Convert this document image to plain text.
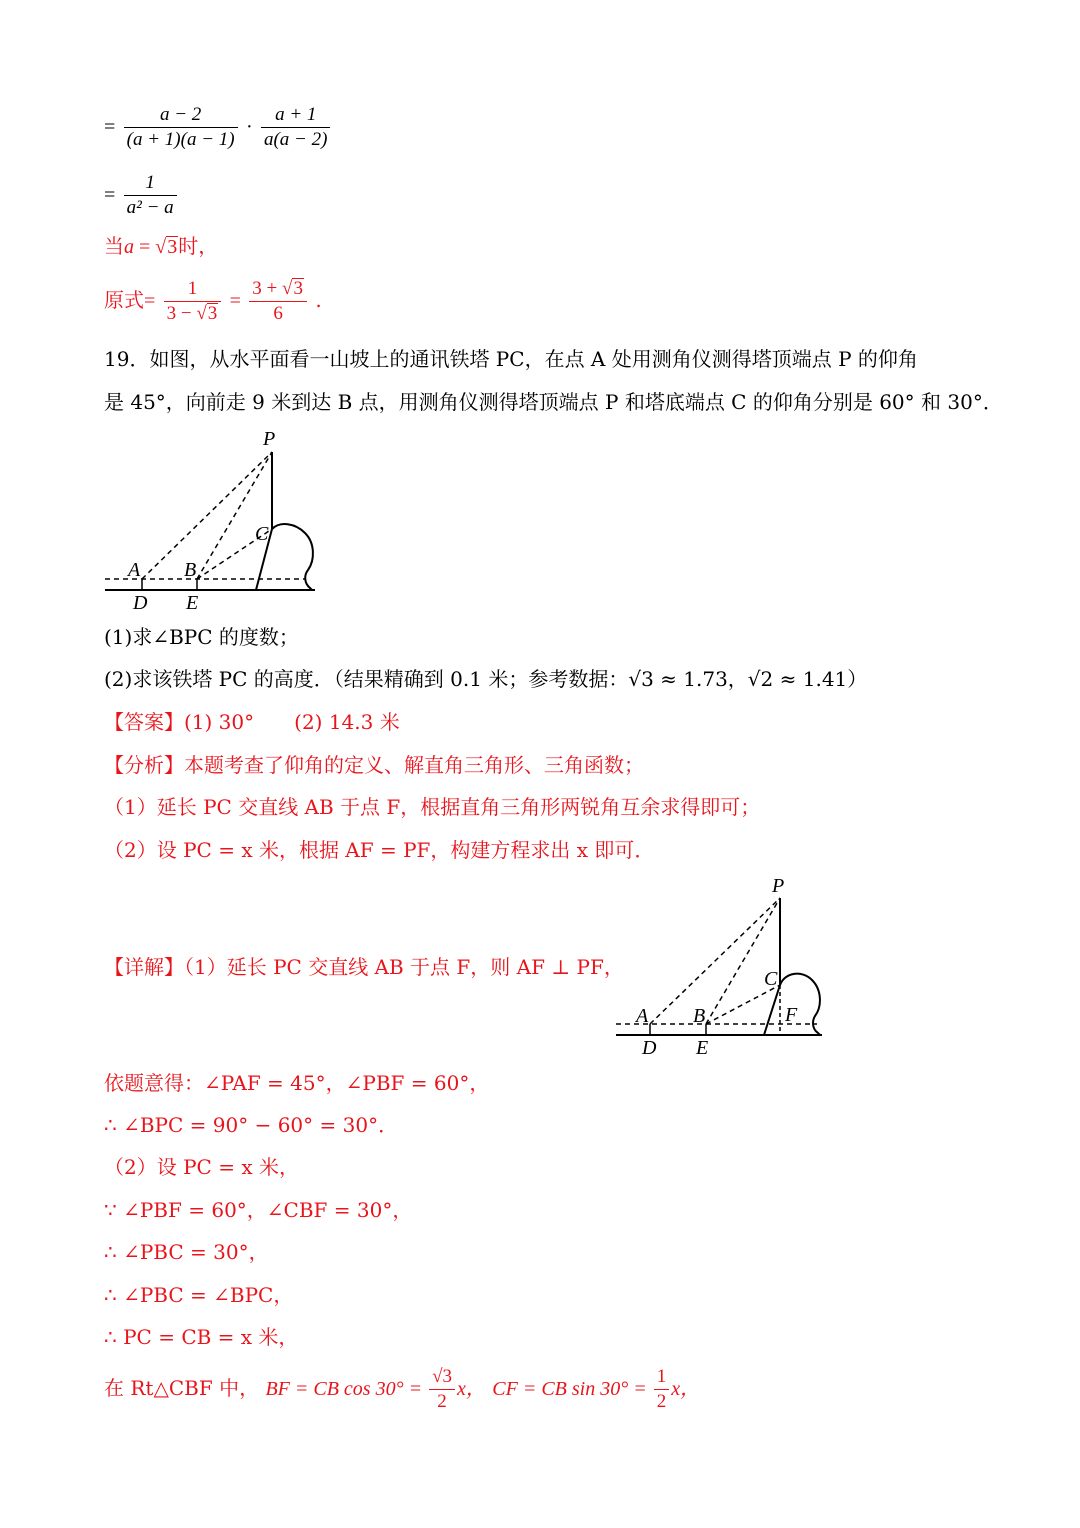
= $\frac{a - 2}{(a + 1)(a - 1)} \cdot \frac{a + 1}{a(a - 2)}$
= $\frac{1}{\text{a² − a}}$
当a = √3时，
原式= $\frac{1}{3 - √3} = \frac{3 + √3}{6}$ .
19．如图，从水平面看一山坡上的通讯铁塔 PC，在点 A 处用测角仪测得塔顶端点 P 的仰角
是 45°，向前走 9 米到达 B 点，用测角仪测得塔顶端点 P 和塔底端点 C 的仰角分别是 60° 和 30°．
P
C
A B
D E
(1)求∠BPC 的度数；
(2)求该铁塔 PC 的高度．（结果精确到 0.1 米；参考数据：√3 ≈ 1.73，√2 ≈ 1.41）
【答案】(1) 30°　　(2) 14.3 米
【分析】本题考查了仰角的定义、解直角三角形、三角函数；
（1）延长 PC 交直线 AB 于点 F，根据直角三角形两锐角互余求得即可；
（2）设 PC = x 米，根据 AF = PF，构建方程求出 x 即可．
【详解】（1）延长 PC 交直线 AB 于点 F，则 AF ⊥ PF，
P
C
A B	F
D E
依题意得：∠PAF = 45°，∠PBF = 60°，
∴ ∠BPC = 90° − 60° = 30°．
（2）设 PC = x 米，
∵ ∠PBF = 60°，∠CBF = 30°，
∴ ∠PBC = 30°，
∴ ∠PBC = ∠BPC，
∴ PC = CB = x 米，
在 Rt△CBF 中， BF = CB $\cos 30^\circ = \frac{√3}{2}$ x， CF = CB $\sin 30^\circ = \frac{1}{2}$ x，
